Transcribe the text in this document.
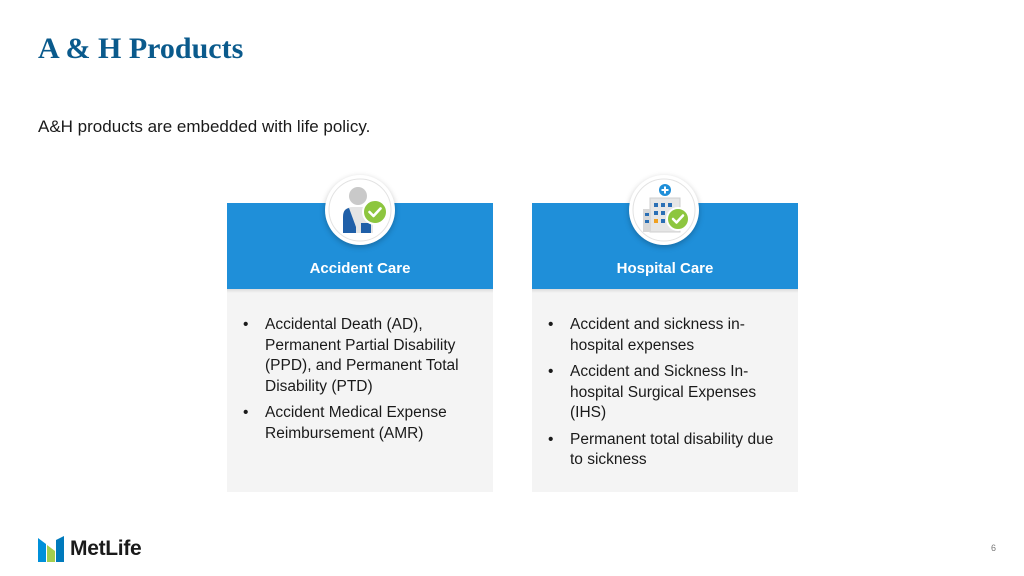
A & H Products

A&H products are embedded with life policy.

Accident Care
• Accidental Death (AD), Permanent Partial Disability (PPD), and Permanent Total Disability (PTD)
• Accident Medical Expense Reimbursement (AMR)
Hospital Care
• Accident and sickness in-hospital expenses
• Accident and Sickness In-hospital Surgical Expenses (IHS)
• Permanent total disability due to sickness
MetLife	6
